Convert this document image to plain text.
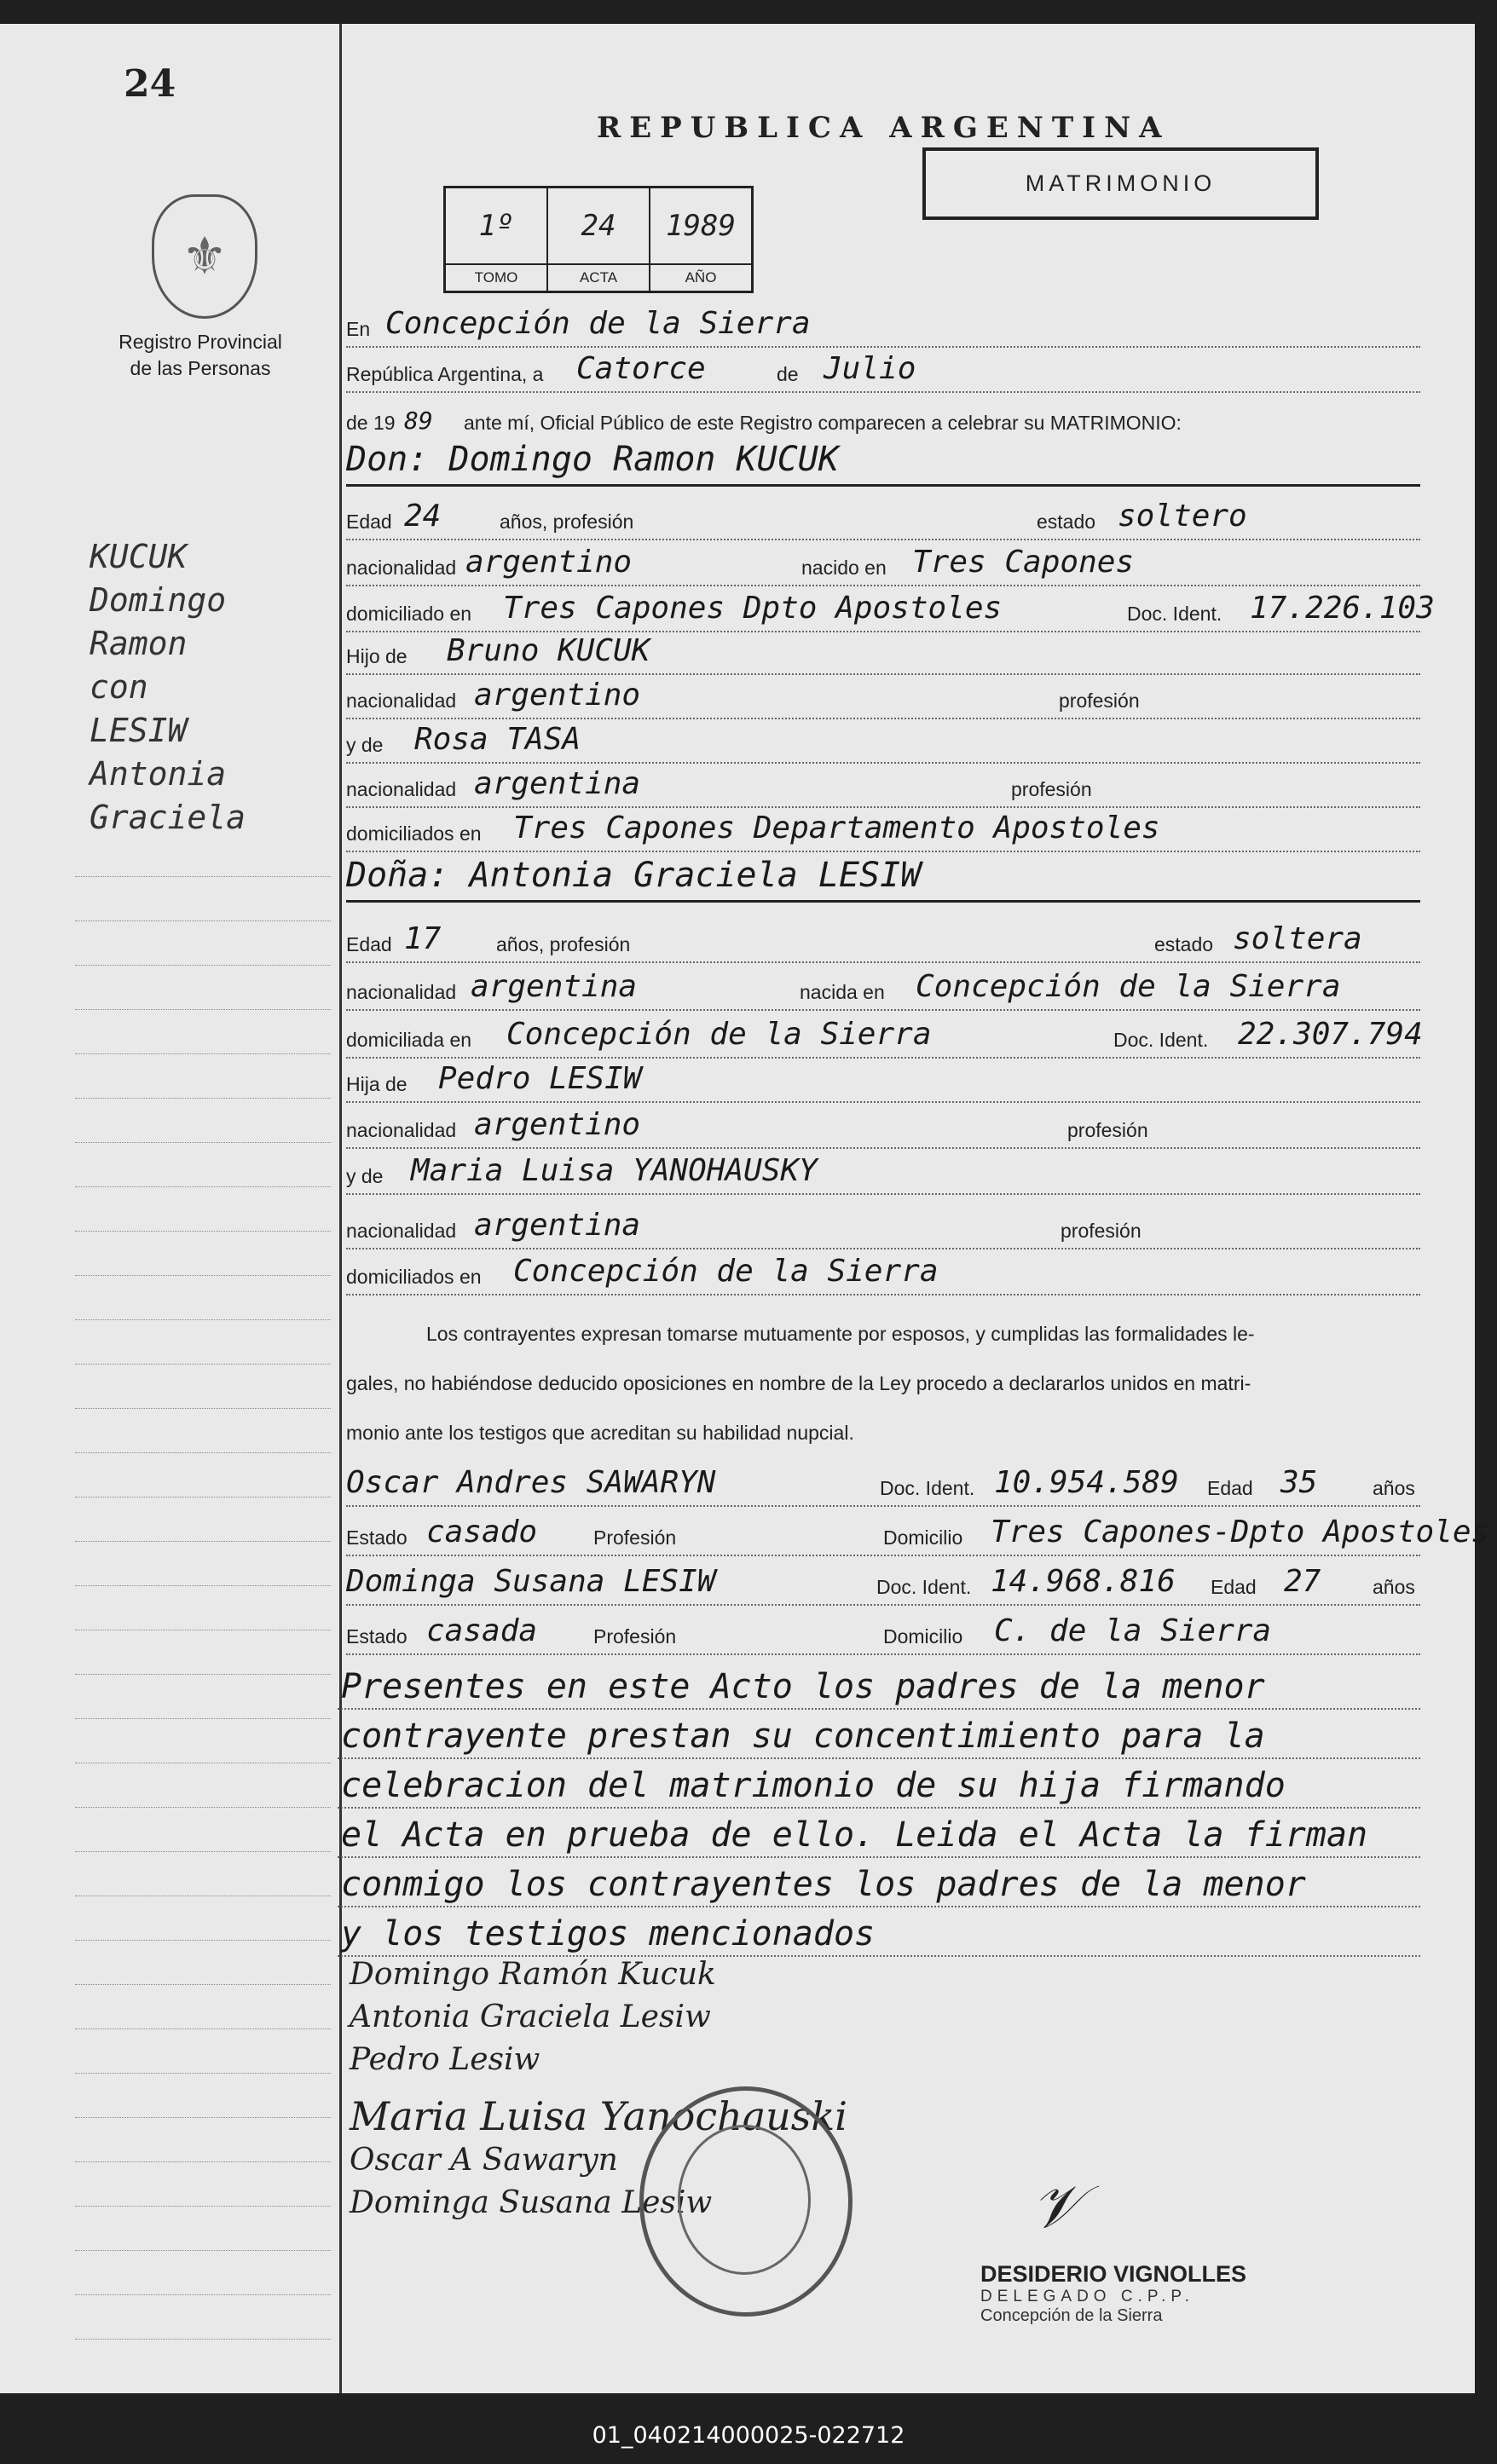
24
⚜
Registro Provincial
de las Personas
KUCUK
Domingo
Ramon
con
LESIW
Antonia
Graciela
REPUBLICA ARGENTINA
MATRIMONIO
1º
TOMO
24
ACTA
1989
AÑO
En Concepción de la Sierra
República Argentina, a Catorce	de Julio
de 19 89 ante mí, Oficial Público de este Registro comparecen a celebrar su MATRIMONIO:
Don: Domingo Ramon KUCUK
Edad 24	años, profesión	estado soltero
nacionalidad argentino	nacido en Tres Capones
domiciliado en Tres Capones Dpto Apostoles	Doc. Ident. 17.226.103
Hijo de Bruno KUCUK
nacionalidad argentino	profesión
y de Rosa TASA
nacionalidad argentina	profesión
domiciliados en Tres Capones Departamento Apostoles
Doña: Antonia Graciela LESIW
Edad 17	años, profesión	estado soltera
nacionalidad argentina	nacida en Concepción de la Sierra
domiciliada en Concepción de la Sierra	Doc. Ident. 22.307.794
Hija de Pedro LESIW
nacionalidad argentino	profesión
y de Maria Luisa YANOHAUSKY
nacionalidad argentina	profesión
domiciliados en Concepción de la Sierra
Los contrayentes expresan tomarse mutuamente por esposos, y cumplidas las formalidades le-
gales, no habiéndose deducido oposiciones en nombre de la Ley procedo a declararlos unidos en matri-
monio ante los testigos que acreditan su habilidad nupcial.
Oscar Andres SAWARYN	Doc. Ident. 10.954.589 Edad 35	años
Estado casado	Profesión	Domicilio Tres Capones-Dpto Apostoles
Dominga Susana LESIW	Doc. Ident. 14.968.816 Edad 27	años
Estado casada	Profesión	Domicilio C. de la Sierra
Presentes en este Acto los padres de la menor
contrayente prestan su concentimiento para la
celebracion del matrimonio de su hija firmando
el Acta en prueba de ello. Leida el Acta la firman
conmigo los contrayentes los padres de la menor
y los testigos mencionados
Domingo Ramón Kucuk
Antonia Graciela Lesiw
Pedro Lesiw
Maria Luisa Yanochauski
Oscar A Sawaryn
Dominga Susana Lesiw	𝒱
DESIDERIO VIGNOLLES
DELEGADO C.P.P.
Concepción de la Sierra
01_040214000025-022712
